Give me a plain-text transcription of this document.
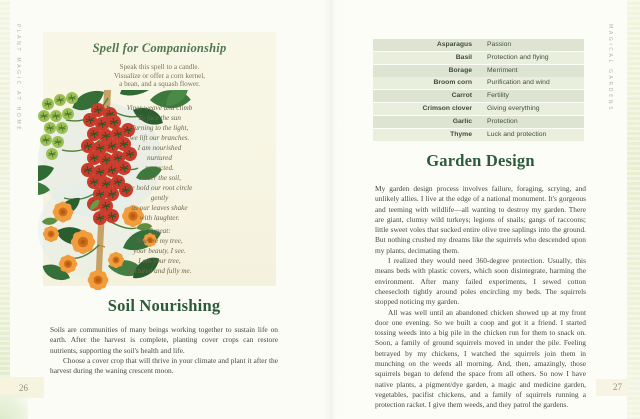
PLANT MAGIC AT HOME	MAGICAL GARDENS
Spell for Companionship
Speak this spell to a candle.
Visualize or offer a corn kernel,
a bean, and a squash flower.
Vines weave and climb
To face the sun
Turning to the light,
we lift our branches.
I am nourished
nurtured
protected.
Under the soil,
we hold our root circle
gently
as our leaves shake
with laughter.
Repeat:
You are my tree,
your beauty, I see.
I am your tree,
nurtured and fully me.
Soil Nourishing

Soils are communities of many beings working together to sustain life on earth. After the harvest is complete, planting cover crops can restore nutrients, supporting the soil's health and life.

Choose a cover crop that will thrive in your climate and plant it after the harvest during the waning crescent moon.

26
Asparagus	Passion
Basil	Protection and flying
Borage	Merriment
Broom corn	Purification and wind
Carrot	Fertility
Crimson clover	Giving everything
Garlic	Protection
Thyme	Luck and protection
Garden Design

My garden design process involves failure, foraging, scrying, and unlikely allies. I live at the edge of a national monument. It's gorgeous and teeming with wildlife—all wanting to destroy my garden. There are giant, clumsy wild turkeys; legions of snails; gangs of raccoons; little sweet voles that sucked entire olive tree saplings into the ground. But nothing crushed my dreams like the squirrels who descended upon my plants, decimating them.

I realized they would need 360-degree protection. Usually, this means beds with plastic covers, which soon disintegrate, harming the environment. After many failed experiments, I sewed cotton cheesecloth tightly around poles encircling my beds. The squirrels stopped noticing my garden.

All was well until an abandoned chicken showed up at my front door one evening. So we built a coop and got it a friend. I started tossing weeds into a big pile in the chicken run for them to snack on. Soon, a family of ground squirrels moved in under the pile. Feeling betrayed by my chickens, I watched the squirrels join them in munching on the weeds all morning. And, then, amazingly, those squirrels began to defend the space from all others. So now I have native plants, a pigment/dye garden, a magic and medicine garden, vegetables, pacifist chickens, and a family of squirrels running a protection racket. I give them weeds, and they patrol the gardens.

27
